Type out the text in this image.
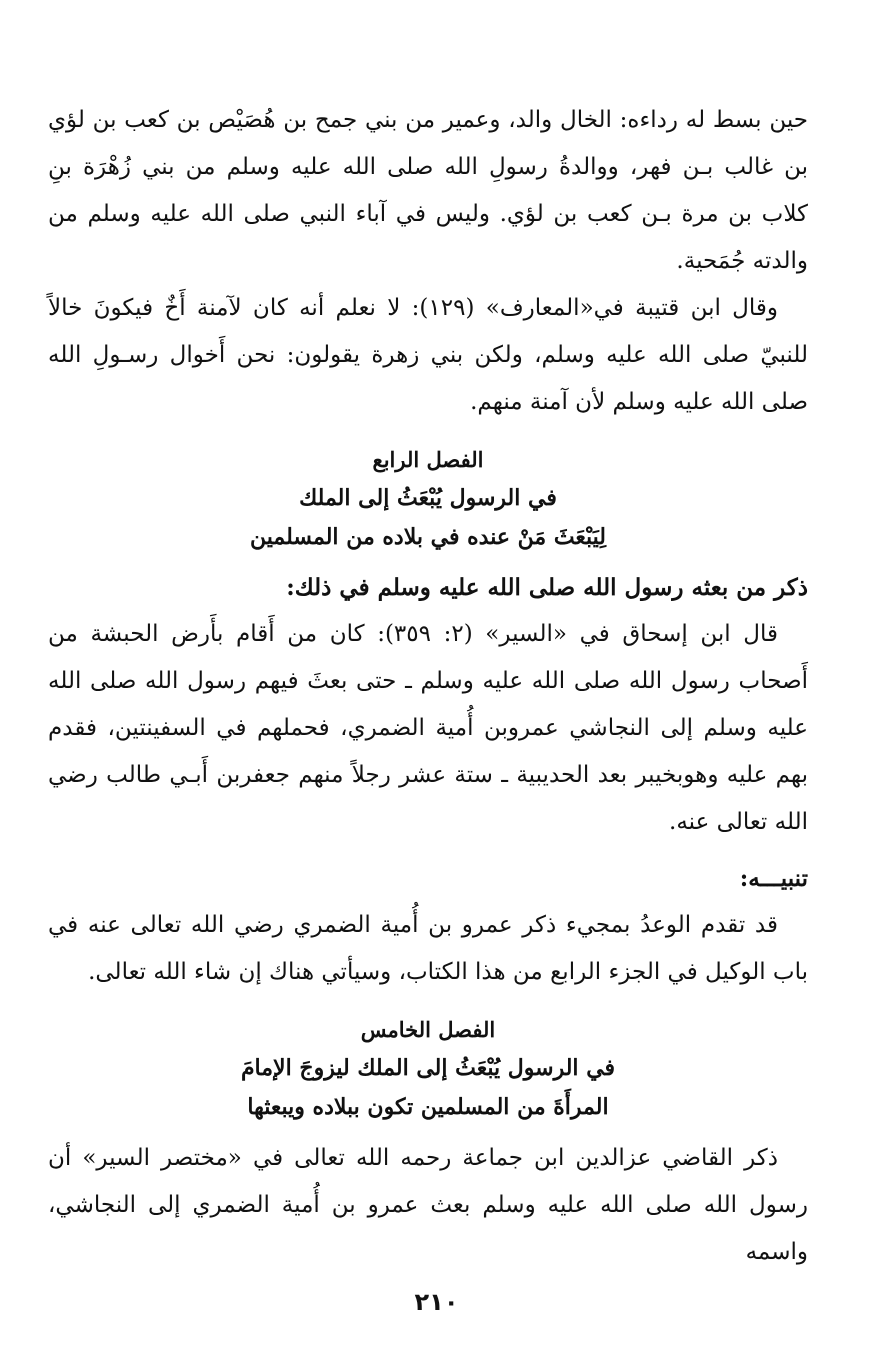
حين بسط له رداءه: الخال والد، وعمير من بني جمح بن هُصَيْص بن كعب بن لؤي بن غالب بـن فهر، ووالدةُ رسولِ الله صلى الله عليه وسلم من بني زُهْرَة بنِ كلاب بن مرة بـن كعب بن لؤي. وليس في آباء النبي صلى الله عليه وسلم من والدته جُمَحية.

وقال ابن قتيبة في«المعارف» (١٢٩): لا نعلم أنه كان لآمنة أَخٌ فيكونَ خالاً للنبيّ صلى الله عليه وسلم، ولكن بني زهرة يقولون: نحن أَخوال رسـولِ الله صلى الله عليه وسلم لأن آمنة منهم.

الفصل الرابع
في الرسول يُبْعَثُ إلى الملك
لِيَبْعَثَ مَنْ عنده في بلاده من المسلمين
ذكر من بعثه رسول الله صلى الله عليه وسلم في ذلك:

قال ابن إسحاق في «السير» (٢: ٣٥٩): كان من أَقام بأَرض الحبشة من أَصحاب رسول الله صلى الله عليه وسلم ـ حتى بعثَ فيهم رسول الله صلى الله عليه وسلم إلى النجاشي عمروبن أُمية الضمري، فحملهم في السفينتين، فقدم بهم عليه وهوبخيبر بعد الحديبية ـ ستة عشر رجلاً منهم جعفربن أَبـي طالب رضي الله تعالى عنه.

تنبيـــه:

قد تقدم الوعدُ بمجيء ذكر عمرو بن أُمية الضمري رضي الله تعالى عنه في باب الوكيل في الجزء الرابع من هذا الكتاب، وسيأتي هناك إن شاء الله تعالى.

الفصل الخامس
في الرسول يُبْعَثُ إلى الملك ليزوجَ الإمامَ
المرأَةَ من المسلمين تكون ببلاده ويبعثها

ذكر القاضي عزالدين ابن جماعة رحمه الله تعالى في «مختصر السير» أن رسول الله صلى الله عليه وسلم بعث عمرو بن أُمية الضمري إلى النجاشي، واسمه

٢١٠
